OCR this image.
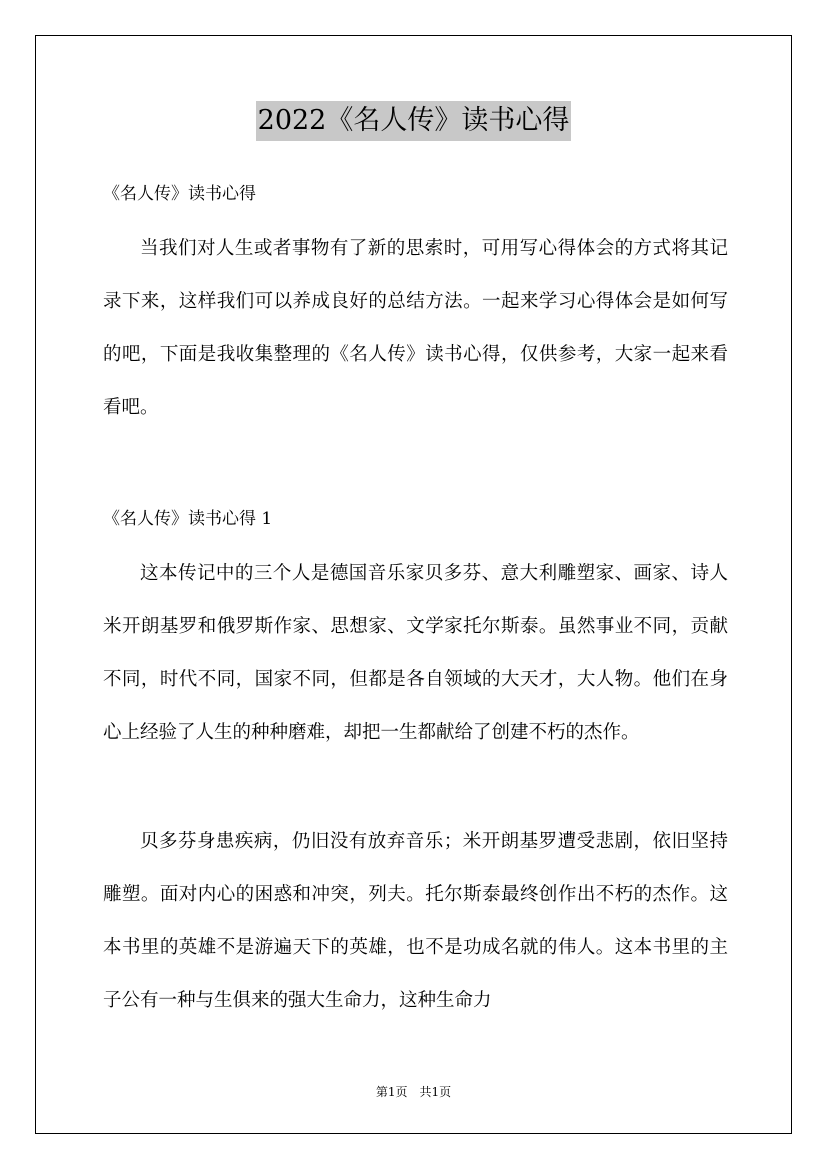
2022《名人传》读书心得
《名人传》读书心得

当我们对人生或者事物有了新的思索时，可用写心得体会的方式将其记录下来，这样我们可以养成良好的总结方法。一起来学习心得体会是如何写的吧，下面是我收集整理的《名人传》读书心得，仅供参考，大家一起来看看吧。

《名人传》读书心得 1

这本传记中的三个人是德国音乐家贝多芬、意大利雕塑家、画家、诗人米开朗基罗和俄罗斯作家、思想家、文学家托尔斯泰。虽然事业不同，贡献不同，时代不同，国家不同，但都是各自领域的大天才，大人物。他们在身心上经验了人生的种种磨难，却把一生都献给了创建不朽的杰作。

贝多芬身患疾病，仍旧没有放弃音乐；米开朗基罗遭受悲剧，依旧坚持雕塑。面对内心的困惑和冲突，列夫。托尔斯泰最终创作出不朽的杰作。这本书里的英雄不是游遍天下的英雄，也不是功成名就的伟人。这本书里的主子公有一种与生俱来的强大生命力，这种生命力

第1页　共1页
